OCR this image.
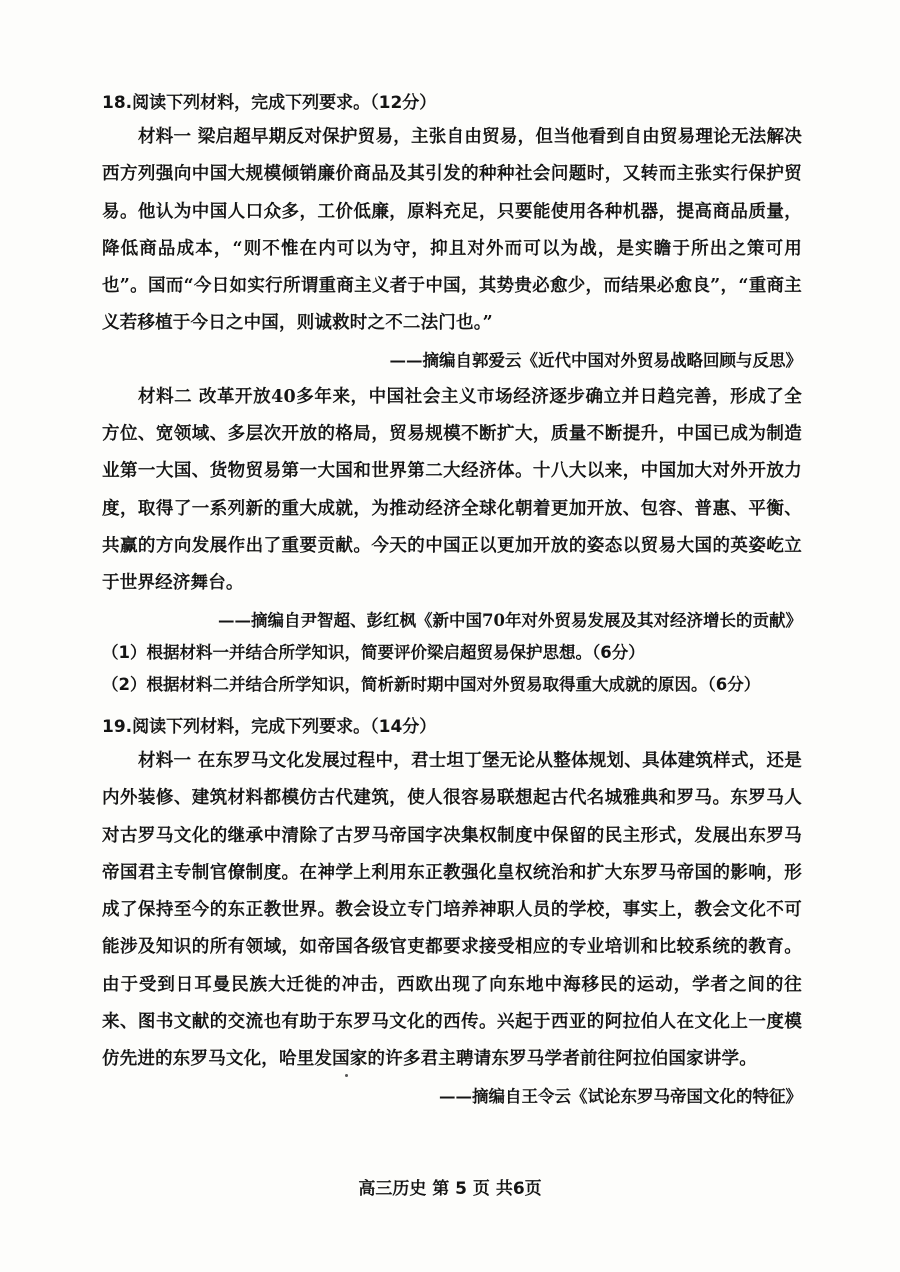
18.阅读下列材料，完成下列要求。（12分）

材料一 梁启超早期反对保护贸易，主张自由贸易，但当他看到自由贸易理论无法解决西方列强向中国大规模倾销廉价商品及其引发的种种社会问题时，又转而主张实行保护贸易。他认为中国人口众多，工价低廉，原料充足，只要能使用各种机器，提高商品质量，降低商品成本，“则不惟在内可以为守，抑且对外而可以为战，是实瞻于所出之策可用也”。国而“今日如实行所谓重商主义者于中国，其势贵必愈少，而结果必愈良”，“重商主义若移植于今日之中国，则诚救时之不二法门也。”

——摘编自郭爱云《近代中国对外贸易战略回顾与反思》

材料二 改革开放40多年来，中国社会主义市场经济逐步确立并日趋完善，形成了全方位、宽领域、多层次开放的格局，贸易规模不断扩大，质量不断提升，中国已成为制造业第一大国、货物贸易第一大国和世界第二大经济体。十八大以来，中国加大对外开放力度，取得了一系列新的重大成就，为推动经济全球化朝着更加开放、包容、普惠、平衡、共赢的方向发展作出了重要贡献。今天的中国正以更加开放的姿态以贸易大国的英姿屹立于世界经济舞台。

——摘编自尹智超、彭红枫《新中国70年对外贸易发展及其对经济增长的贡献》

（1）根据材料一并结合所学知识，简要评价梁启超贸易保护思想。（6分）

（2）根据材料二并结合所学知识，简析新时期中国对外贸易取得重大成就的原因。（6分）

19.阅读下列材料，完成下列要求。（14分）

材料一 在东罗马文化发展过程中，君士坦丁堡无论从整体规划、具体建筑样式，还是内外装修、建筑材料都模仿古代建筑，使人很容易联想起古代名城雅典和罗马。东罗马人对古罗马文化的继承中清除了古罗马帝国字决集权制度中保留的民主形式，发展出东罗马帝国君主专制官僚制度。在神学上利用东正教强化皇权统治和扩大东罗马帝国的影响，形成了保持至今的东正教世界。教会设立专门培养神职人员的学校，事实上，教会文化不可能涉及知识的所有领域，如帝国各级官吏都要求接受相应的专业培训和比较系统的教育。由于受到日耳曼民族大迁徙的冲击，西欧出现了向东地中海移民的运动，学者之间的往来、图书文献的交流也有助于东罗马文化的西传。兴起于西亚的阿拉伯人在文化上一度模仿先进的东罗马文化，哈里发国家的许多君主聘请东罗马学者前往阿拉伯国家讲学。

——摘编自王令云《试论东罗马帝国文化的特征》

高三历史 第 5 页 共6页
